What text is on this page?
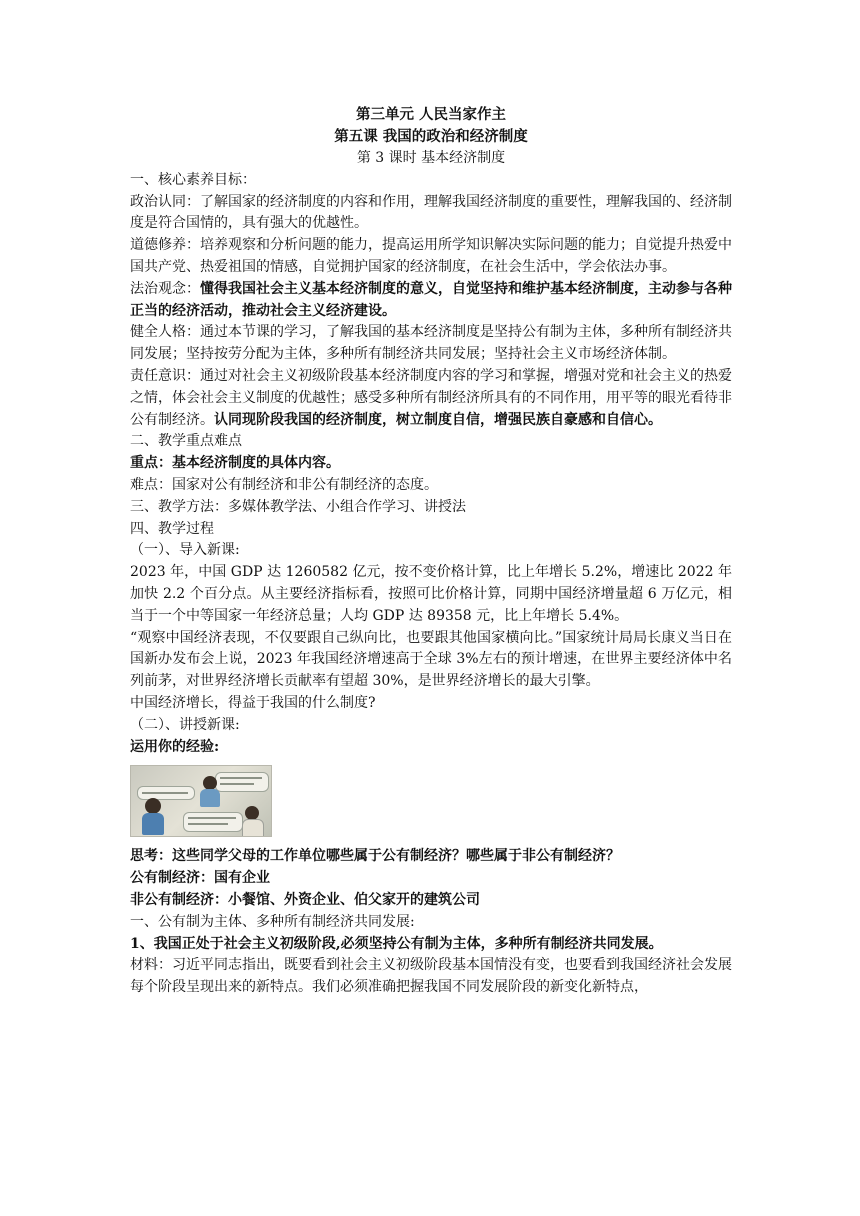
第三单元 人民当家作主
第五课 我国的政治和经济制度
第 3 课时 基本经济制度

一、核心素养目标：

政治认同：了解国家的经济制度的内容和作用，理解我国经济制度的重要性，理解我国的、经济制度是符合国情的，具有强大的优越性。

道德修养：培养观察和分析问题的能力，提高运用所学知识解决实际问题的能力；自觉提升热爱中国共产党、热爱祖国的情感，自觉拥护国家的经济制度，在社会生活中，学会依法办事。

法治观念：懂得我国社会主义基本经济制度的意义，自觉坚持和维护基本经济制度，主动参与各种正当的经济活动，推动社会主义经济建设。

健全人格：通过本节课的学习，了解我国的基本经济制度是坚持公有制为主体，多种所有制经济共同发展；坚持按劳分配为主体，多种所有制经济共同发展；坚持社会主义市场经济体制。

责任意识：通过对社会主义初级阶段基本经济制度内容的学习和掌握，增强对党和社会主义的热爱之情，体会社会主义制度的优越性；感受多种所有制经济所具有的不同作用，用平等的眼光看待非公有制经济。认同现阶段我国的经济制度，树立制度自信，增强民族自豪感和自信心。

二、教学重点难点

重点：基本经济制度的具体内容。

难点：国家对公有制经济和非公有制经济的态度。

三、教学方法：多媒体教学法、小组合作学习、讲授法

四、教学过程

（一）、导入新课:

2023 年，中国 GDP 达 1260582 亿元，按不变价格计算，比上年增长 5.2%，增速比 2022 年加快 2.2 个百分点。从主要经济指标看，按照可比价格计算，同期中国经济增量超 6 万亿元，相当于一个中等国家一年经济总量；人均 GDP 达 89358 元，比上年增长 5.4%。

“观察中国经济表现，不仅要跟自己纵向比，也要跟其他国家横向比。”国家统计局局长康义当日在国新办发布会上说，2023 年我国经济增速高于全球 3%左右的预计增速，在世界主要经济体中名列前茅，对世界经济增长贡献率有望超 30%，是世界经济增长的最大引擎。

中国经济增长，得益于我国的什么制度?

（二）、讲授新课:

运用你的经验:

思考：这些同学父母的工作单位哪些属于公有制经济？哪些属于非公有制经济？

公有制经济：国有企业

非公有制经济：小餐馆、外资企业、伯父家开的建筑公司

一、公有制为主体、多种所有制经济共同发展:

1、我国正处于社会主义初级阶段,必须坚持公有制为主体，多种所有制经济共同发展。

材料：习近平同志指出，既要看到社会主义初级阶段基本国情没有变，也要看到我国经济社会发展每个阶段呈现出来的新特点。我们必须准确把握我国不同发展阶段的新变化新特点，
